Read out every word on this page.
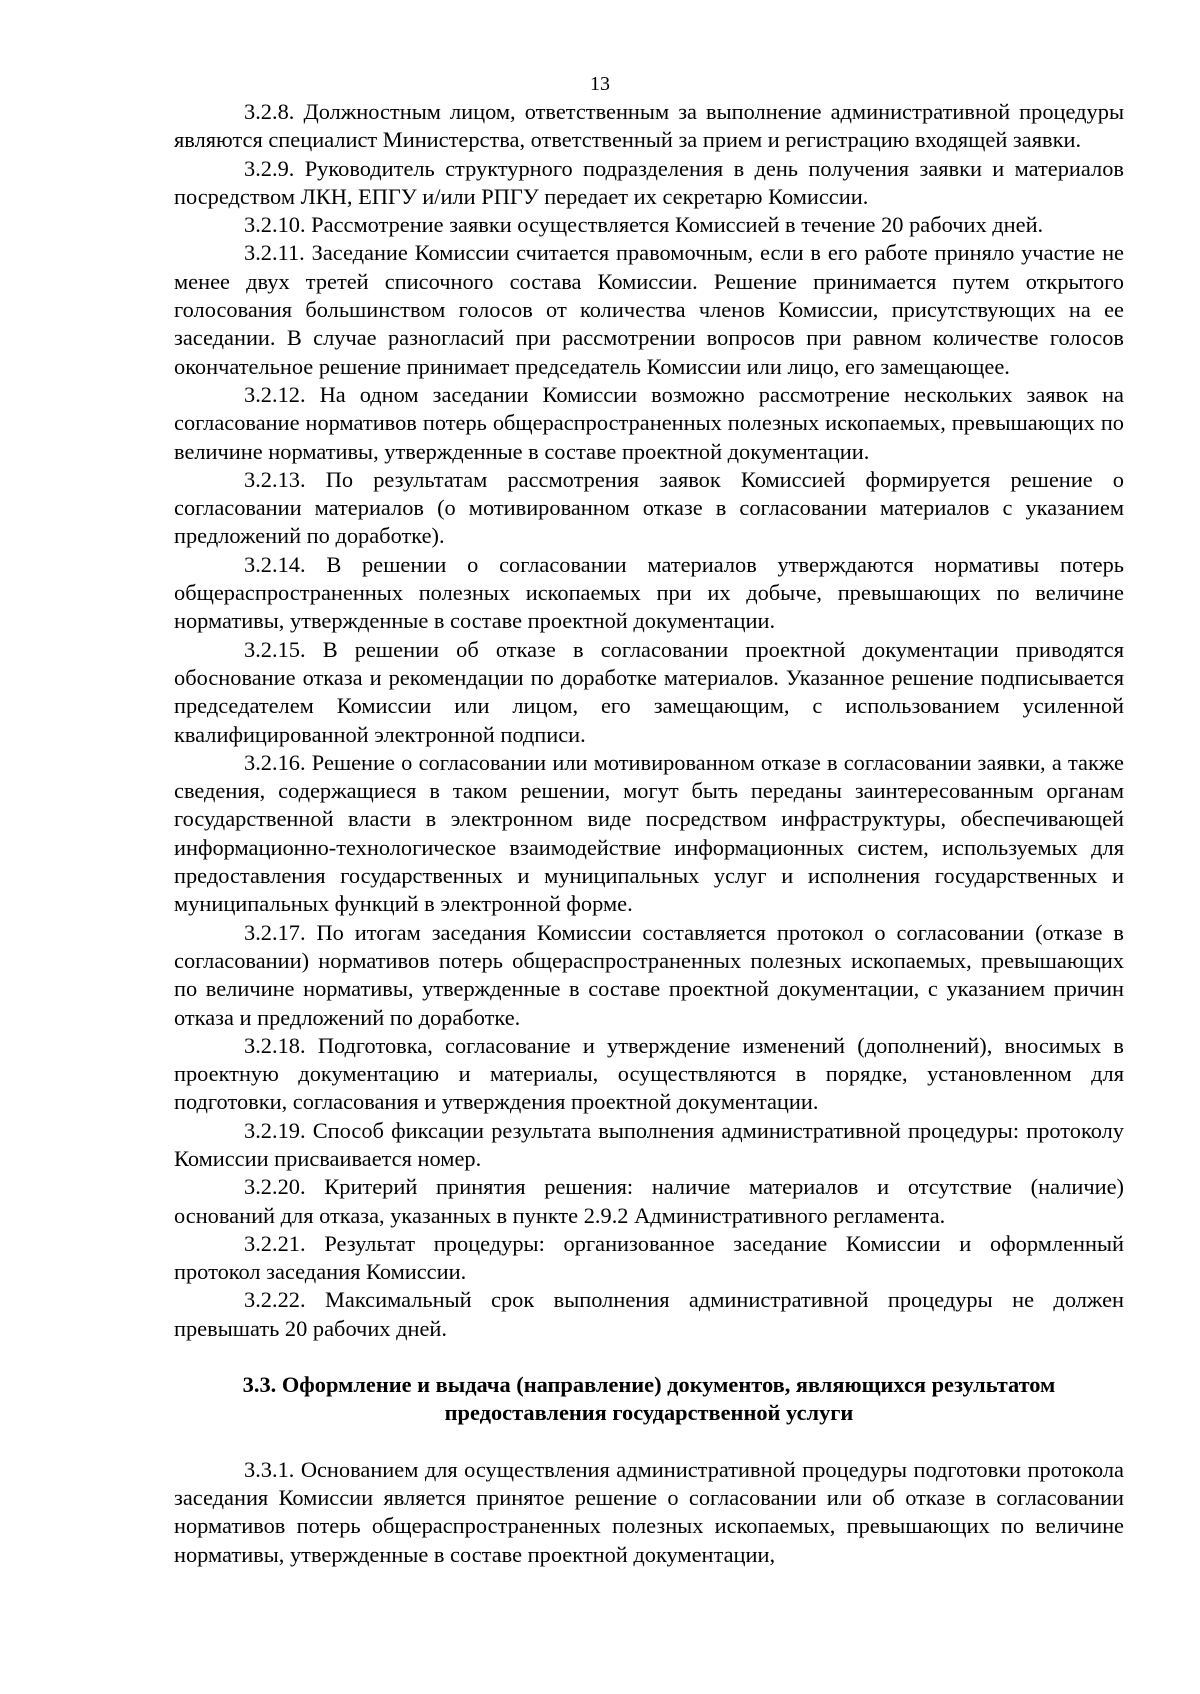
13

3.2.8. Должностным лицом, ответственным за выполнение административной процедуры являются специалист Министерства, ответственный за прием и регистрацию входящей заявки.

3.2.9. Руководитель структурного подразделения в день получения заявки и материалов посредством ЛКН, ЕПГУ и/или РПГУ передает их секретарю Комиссии.

3.2.10. Рассмотрение заявки осуществляется Комиссией в течение 20 рабочих дней.

3.2.11. Заседание Комиссии считается правомочным, если в его работе приняло участие не менее двух третей списочного состава Комиссии. Решение принимается путем открытого голосования большинством голосов от количества членов Комиссии, присутствующих на ее заседании. В случае разногласий при рассмотрении вопросов при равном количестве голосов окончательное решение принимает председатель Комиссии или лицо, его замещающее.

3.2.12. На одном заседании Комиссии возможно рассмотрение нескольких заявок на согласование нормативов потерь общераспространенных полезных ископаемых, превышающих по величине нормативы, утвержденные в составе проектной документации.

3.2.13. По результатам рассмотрения заявок Комиссией формируется решение о согласовании материалов (о мотивированном отказе в согласовании материалов с указанием предложений по доработке).

3.2.14. В решении о согласовании материалов утверждаются нормативы потерь общераспространенных полезных ископаемых при их добыче, превышающих по величине нормативы, утвержденные в составе проектной документации.

3.2.15. В решении об отказе в согласовании проектной документации приводятся обоснование отказа и рекомендации по доработке материалов. Указанное решение подписывается председателем Комиссии или лицом, его замещающим, с использованием усиленной квалифицированной электронной подписи.

3.2.16. Решение о согласовании или мотивированном отказе в согласовании заявки, а также сведения, содержащиеся в таком решении, могут быть переданы заинтересованным органам государственной власти в электронном виде посредством инфраструктуры, обеспечивающей информационно-технологическое взаимодействие информационных систем, используемых для предоставления государственных и муниципальных услуг и исполнения государственных и муниципальных функций в электронной форме.

3.2.17. По итогам заседания Комиссии составляется протокол о согласовании (отказе в согласовании) нормативов потерь общераспространенных полезных ископаемых, превышающих по величине нормативы, утвержденные в составе проектной документации, с указанием причин отказа и предложений по доработке.

3.2.18. Подготовка, согласование и утверждение изменений (дополнений), вносимых в проектную документацию и материалы, осуществляются в порядке, установленном для подготовки, согласования и утверждения проектной документации.

3.2.19. Способ фиксации результата выполнения административной процедуры: протоколу Комиссии присваивается номер.

3.2.20. Критерий принятия решения: наличие материалов и отсутствие (наличие) оснований для отказа, указанных в пункте 2.9.2 Административного регламента.

3.2.21. Результат процедуры: организованное заседание Комиссии и оформленный протокол заседания Комиссии.

3.2.22. Максимальный срок выполнения административной процедуры не должен превышать 20 рабочих дней.

3.3. Оформление и выдача (направление) документов, являющихся результатом
предоставления государственной услуги

3.3.1. Основанием для осуществления административной процедуры подготовки протокола заседания Комиссии является принятое решение о согласовании или об отказе в согласовании нормативов потерь общераспространенных полезных ископаемых, превышающих по величине нормативы, утвержденные в составе проектной документации,
